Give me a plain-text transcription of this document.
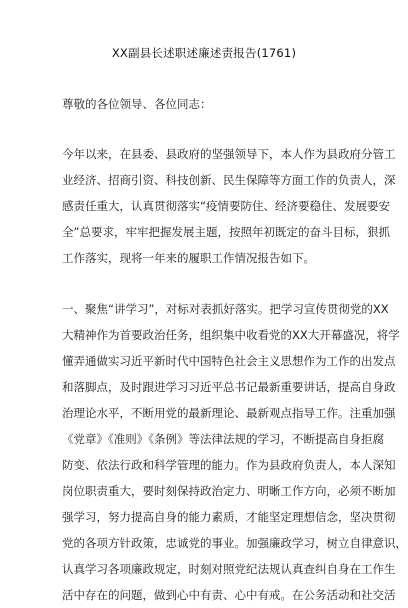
XX副县长述职述廉述责报告(1761)
尊敬的各位领导、各位同志：
今年以来，在县委、县政府的坚强领导下，本人作为县政府分管工
业经济、招商引资、科技创新、民生保障等方面工作的负责人，深
感责任重大，认真贯彻落实“疫情要防住、经济要稳住、发展要安
全”总要求，牢牢把握发展主题，按照年初既定的奋斗目标，狠抓
工作落实，现将一年来的履职工作情况报告如下。
一、聚焦“讲学习”，对标对表抓好落实。把学习宣传贯彻党的XX
大精神作为首要政治任务，组织集中收看党的XX大开幕盛况，将学
懂弄通做实习近平新时代中国特色社会主义思想作为工作的出发点
和落脚点，及时跟进学习习近平总书记最新重要讲话，提高自身政
治理论水平，不断用党的最新理论、最新观点指导工作。注重加强
《党章》《准则》《条例》等法律法规的学习，不断提高自身拒腐
防变、依法行政和科学管理的能力。作为县政府负责人，本人深知
岗位职责重大，要时刻保持政治定力、明晰工作方向，必须不断加
强学习，努力提高自身的能力素质，才能坚定理想信念，坚决贯彻
党的各项方针政策，忠诚党的事业。加强廉政学习，树立自律意识，
认真学习各项廉政规定，时刻对照党纪法规认真查纠自身在工作生
活中存在的问题，做到心中有责、心中有戒。在公务活动和社交活
